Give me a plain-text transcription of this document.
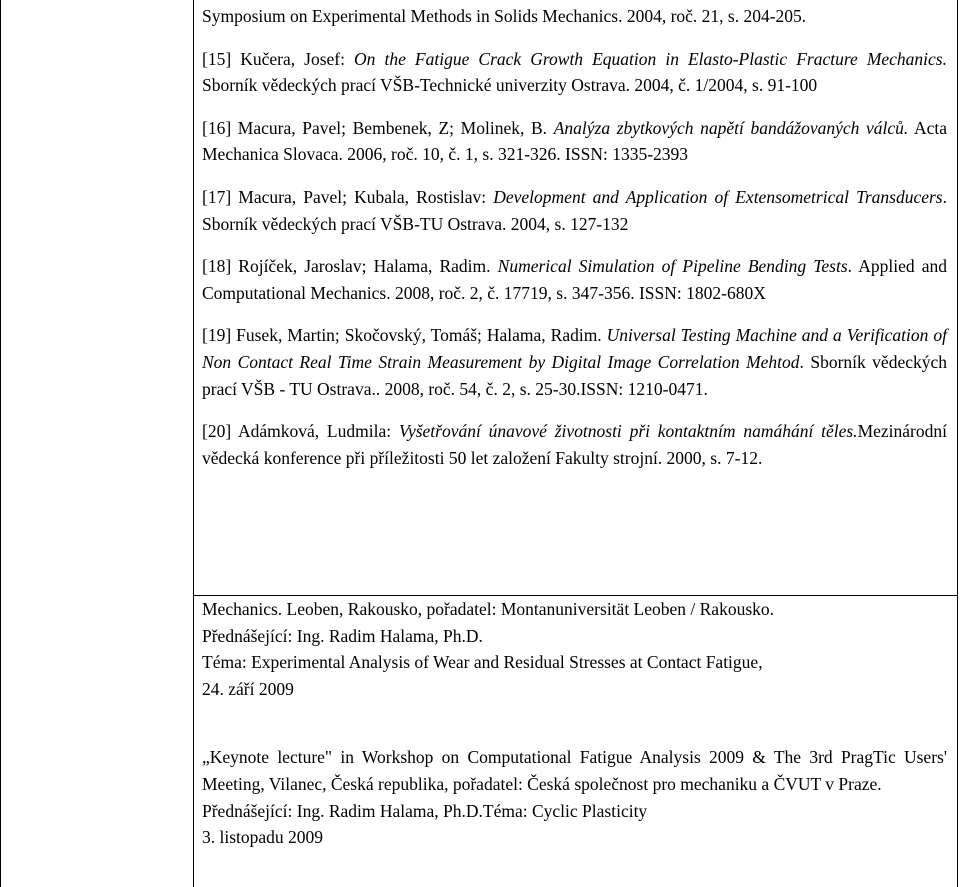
Symposium on Experimental Methods in Solids Mechanics. 2004, roč. 21, s. 204-205.

[15] Kučera, Josef: On the Fatigue Crack Growth Equation in Elasto-Plastic Fracture Mechanics. Sborník vědeckých prací VŠB-Technické univerzity Ostrava. 2004, č. 1/2004, s. 91-100

[16] Macura, Pavel; Bembenek, Z; Molinek, B. Analýza zbytkových napětí bandážovaných válců. Acta Mechanica Slovaca. 2006, roč. 10, č. 1, s. 321-326. ISSN: 1335-2393

[17] Macura, Pavel; Kubala, Rostislav: Development and Application of Extensometrical Transducers. Sborník vědeckých prací VŠB-TU Ostrava. 2004, s. 127-132

[18] Rojíček, Jaroslav; Halama, Radim. Numerical Simulation of Pipeline Bending Tests. Applied and Computational Mechanics. 2008, roč. 2, č. 17719, s. 347-356. ISSN: 1802-680X

[19] Fusek, Martin; Skočovský, Tomáš; Halama, Radim. Universal Testing Machine and a Verification of Non Contact Real Time Strain Measurement by Digital Image Correlation Mehtod. Sborník vědeckých prací VŠB - TU Ostrava.. 2008, roč. 54, č. 2, s. 25-30.ISSN: 1210-0471.

[20] Adámková, Ludmila: Vyšetřování únavové životnosti při kontaktním namáhání těles.Mezinárodní vědecká konference při příležitosti 50 let založení Fakulty strojní. 2000, s. 7-12.

Mechanics. Leoben, Rakousko, pořadatel: Montanuniversität Leoben / Rakousko.

Přednášející: Ing. Radim Halama, Ph.D.

Téma: Experimental Analysis of Wear and Residual Stresses at Contact Fatigue,

24. září 2009

„Keynote lecture" in Workshop on Computational Fatigue Analysis 2009 & The 3rd PragTic Users' Meeting, Vilanec, Česká republika, pořadatel: Česká společnost pro mechaniku a ČVUT v Praze.

Přednášející: Ing. Radim Halama, Ph.D.Téma: Cyclic Plasticity

3. listopadu 2009
